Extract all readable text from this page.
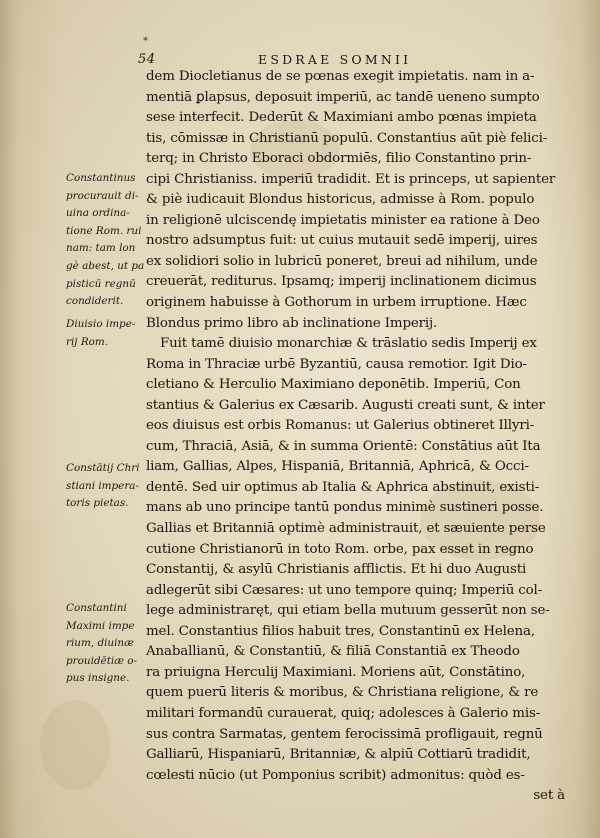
*
54	ESDRAE SOMNII
dem Diocletianus de se pœnas exegit impietatis. nam in a-
mentiā ꝑlapsus, deposuit imperiū, ac tandē ueneno sumpto
sese interfecit. Dederūt & Maximiani ambo pœnas impieta
tis, cōmissæ in Christianū populū. Constantius aūt piè felici-
terq; in Christo Eboraci obdormiēs, filio Constantino prin-
cipi Christianiss. imperiū tradidit. Et is princeps, ut sapienter
& piè iudicauit Blondus historicus, admisse à Rom. populo
in religionē ulciscendę impietatis minister ea ratione à Deo
nostro adsumptus fuit: ut cuius mutauit sedē imperij, uires
ex solidiori solio in lubricū poneret, breui ad nihilum, unde
creuerāt, rediturus. Ipsamq; imperij inclinationem dicimus
originem habuisse à Gothorum in urbem irruptione. Hæc
Blondus primo libro ab inclinatione Imperij.
Fuit tamē diuisio monarchiæ & trāslatio sedis Imperij ex
Roma in Thraciæ urbē Byzantiū, causa remotior. Igit Dio-
cletiano & Herculio Maximiano deponētib. Imperiū, Con
stantius & Galerius ex Cæsarib. Augusti creati sunt, & inter
eos diuisus est orbis Romanus: ut Galerius obtineret Illyri-
cum, Thraciā, Asiā, & in summa Orientē: Constātius aūt Ita
liam, Gallias, Alpes, Hispaniā, Britanniā, Aphricā, & Occi-
dentē. Sed uir optimus ab Italia & Aphrica abstinuit, existi-
mans ab uno principe tantū pondus minimè sustineri posse.
Gallias et Britanniā optimè administrauit, et sæuiente perse
cutione Christianorū in toto Rom. orbe, pax esset in regno
Constantij, & asylū Christianis afflictis. Et hi duo Augusti
adlegerūt sibi Cæsares: ut uno tempore quinq; Imperiū col-
lege administraręt, qui etiam bella mutuum gesserūt non se-
mel. Constantius filios habuit tres, Constantinū ex Helena,
Anaballianū, & Constantiū, & filiā Constantiā ex Theodo
ra priuigna Herculij Maximiani. Moriens aūt, Constātino,
quem puerū literis & moribus, & Christiana religione, & re
militari formandū curauerat, quiq; adolesces à Galerio mis-
sus contra Sarmatas, gentem ferocissimā profligauit, regnū
Galliarū, Hispaniarū, Britanniæ, & alpiū Cottiarū tradidit,
cœlesti nūcio (ut Pomponius scribit) admonitus: quòd es-
set à
Constantinus
procurauit di-
uina ordina-
tione Rom. rui
nam: tam lon
gè abest, ut pa
pisticū regnū
condiderit.
Diuisio impe-
rij Rom.
Constātij Chri
stiani impera-
toris pietas.
Constantini
Maximi impe
rium, diuinæ
prouidētiæ o-
pus insigne.
